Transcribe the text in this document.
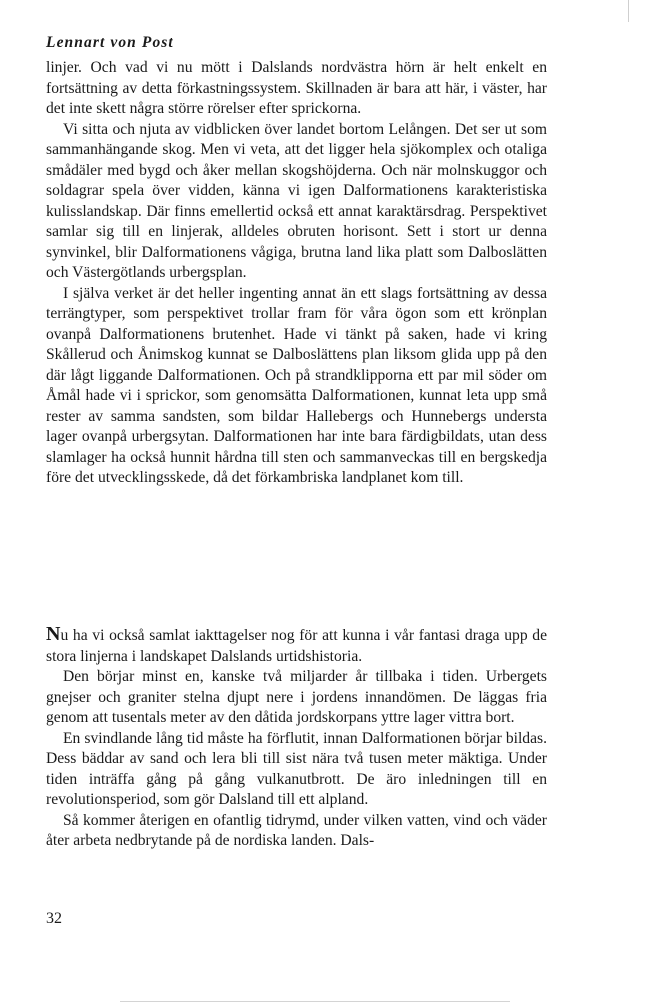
Lennart von Post

linjer. Och vad vi nu mött i Dalslands nordvästra hörn är helt enkelt en fortsättning av detta förkastningssystem. Skillnaden är bara att här, i väster, har det inte skett några större rörelser efter sprickorna.

Vi sitta och njuta av vidblicken över landet bortom Lelången. Det ser ut som sammanhängande skog. Men vi veta, att det ligger hela sjökomplex och otaliga smådäler med bygd och åker mellan skogshöjderna. Och när molnskuggor och soldagrar spela över vidden, känna vi igen Dalformationens karakteristiska kulisslandskap. Där finns emellertid också ett annat karaktärsdrag. Perspektivet samlar sig till en linjerak, alldeles obruten horisont. Sett i stort ur denna synvinkel, blir Dalformationens vågiga, brutna land lika platt som Dalboslätten och Västergötlands urbergsplan.

I själva verket är det heller ingenting annat än ett slags fortsättning av dessa terrängtyper, som perspektivet trollar fram för våra ögon som ett krönplan ovanpå Dalformationens brutenhet. Hade vi tänkt på saken, hade vi kring Skållerud och Ånimskog kunnat se Dalboslättens plan liksom glida upp på den där lågt liggande Dalformationen. Och på strandklipporna ett par mil söder om Åmål hade vi i sprickor, som genomsätta Dalformationen, kunnat leta upp små rester av samma sandsten, som bildar Hallebergs och Hunnebergs understa lager ovanpå urbergsytan. Dalformationen har inte bara färdigbildats, utan dess slamlager ha också hunnit hårdna till sten och sammanveckas till en bergskedja före det utvecklingsskede, då det förkambriska landplanet kom till.

Nu ha vi också samlat iakttagelser nog för att kunna i vår fantasi draga upp de stora linjerna i landskapet Dalslands urtidshistoria.

Den börjar minst en, kanske två miljarder år tillbaka i tiden. Urbergets gnejser och graniter stelna djupt nere i jordens innandömen. De läggas fria genom att tusentals meter av den dåtida jordskorpans yttre lager vittra bort.

En svindlande lång tid måste ha förflutit, innan Dalformationen börjar bildas. Dess bäddar av sand och lera bli till sist nära två tusen meter mäktiga. Under tiden inträffa gång på gång vulkanutbrott. De äro inledningen till en revolutionsperiod, som gör Dalsland till ett alpland.

Så kommer återigen en ofantlig tidrymd, under vilken vatten, vind och väder åter arbeta nedbrytande på de nordiska landen. Dals-

32
